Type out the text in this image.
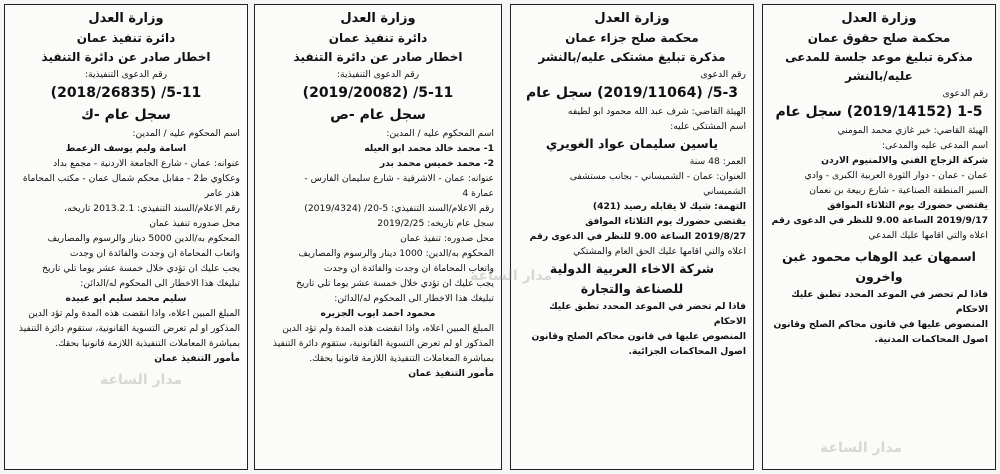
وزارة العدل

محكمة صلح حقوق عمان

مذكرة تبليغ موعد جلسة للمدعى عليه/بالنشر

رقم الدعوى

1-5 (2019/14152) سجل عام

الهيئة القاضي: خير غازي محمد المومني

اسم المدعى عليه والمدعى:

شركة الزجاج الفني والالمنيوم الاردن

عمان - عمان - دوار الثورة العربية الكبرى - وادي

السير المنطقة الصناعية - شارع ربيعة بن نعمان

يقتضي حضورك يوم الثلاثاء الموافق

2019/9/17 الساعة 9.00 للنظر في الدعوى رقم

اعلاه والتي اقامها عليك المدعي

اسمهان عبد الوهاب محمود غبن

واخرون

فاذا لم تحضر في الموعد المحدد تطبق عليك الاحكام

المنصوص عليها في قانون محاكم الصلح وقانون

اصول المحاكمات المدنية.

وزارة العدل

محكمة صلح جزاء عمان

مذكرة تبليغ مشتكى عليه/بالنشر

رقم الدعوى

5-3/ (2019/11064) سجل عام

الهيئة القاضي: شرف عبد الله محمود ابو لطيفه

اسم المشتكى عليه:

ياسين سليمان عواد الغويري

العمر: 48 سنة

العنوان: عمان - الشميساني - بجانب مستشفى

الشميساني

التهمة: شيك لا يقابله رصيد (421)

يقتضي حضورك يوم الثلاثاء الموافق

2019/8/27 الساعة 9.00 للنظر في الدعوى رقم

اعلاه والتي اقامها عليك الحق العام والمشتكي

شركة الاخاء العربية الدولية

للصناعة والتجارة

فاذا لم تحضر في الموعد المحدد تطبق عليك الاحكام

المنصوص عليها في قانون محاكم الصلح وقانون

اصول المحاكمات الجزائية.

وزارة العدل

دائرة تنفيذ عمان

اخطار صادر عن دائرة التنفيذ

رقم الدعوى التنفيذية:

5-11/ (2019/20082)

سجل عام -ص

اسم المحكوم عليه / المدين:

1- محمد خالد محمد ابو العيله

2- محمد خميس محمد بدر

عنوانه: عمان - الاشرفية - شارع سليمان الفارس -

عمارة 4

رقم الاعلام/السند التنفيذي: 5-20/ (2019/4324)

سجل عام تاريخه: 2019/2/25

محل صدوره: تنفيذ عمان

المحكوم به/الدين: 1000 دينار والرسوم والمصاريف

واتعاب المحاماة ان وجدت والفائدة ان وجدت

يجب عليك ان تؤدي خلال خمسة عشر يوما تلي تاريخ

تبليغك هذا الاخطار الى المحكوم له/الدائن:

محمود احمد ايوب الجزيره

المبلغ المبين اعلاه، واذا انقضت هذه المدة ولم تؤد الدين

المذكور او لم تعرض التسوية القانونية، ستقوم دائرة التنفيذ

بمباشرة المعاملات التنفيذية اللازمة قانونيا بحقك.

مأمور التنفيذ عمان

وزارة العدل

دائرة تنفيذ عمان

اخطار صادر عن دائرة التنفيذ

رقم الدعوى التنفيذية:

5-11/ (2018/26835)

سجل عام -ك

اسم المحكوم عليه / المدين:

اسامة وليم يوسف الزعمط

عنوانه: عمان - شارع الجامعة الاردنية - مجمع بداد

وعكاوي ط2 - مقابل محكم شمال عمان - مكتب المحاماة

هذر عامر

رقم الاعلام/السند التنفيذي: 2013.2.1 تاريخه،

محل صدوره تنفيذ عمان

المحكوم به/الدين 5000 دينار والرسوم والمصاريف

واتعاب المحاماة ان وجدت والفائدة ان وجدت

يجب عليك ان تؤدي خلال خمسة عشر يوما تلي تاريخ

تبليغك هذا الاخطار الى المحكوم له/الدائن:

سليم محمد سليم ابو عبيده

المبلغ المبين اعلاه، واذا انقضت هذه المدة ولم تؤد الدين

المذكور او لم تعرض التسوية القانونية، ستقوم دائرة التنفيذ

بمباشرة المعاملات التنفيذية اللازمة قانونيا بحقك.

مأمور التنفيذ عمان

مدار الساعة
مدار الساعة
مدار الساعة
